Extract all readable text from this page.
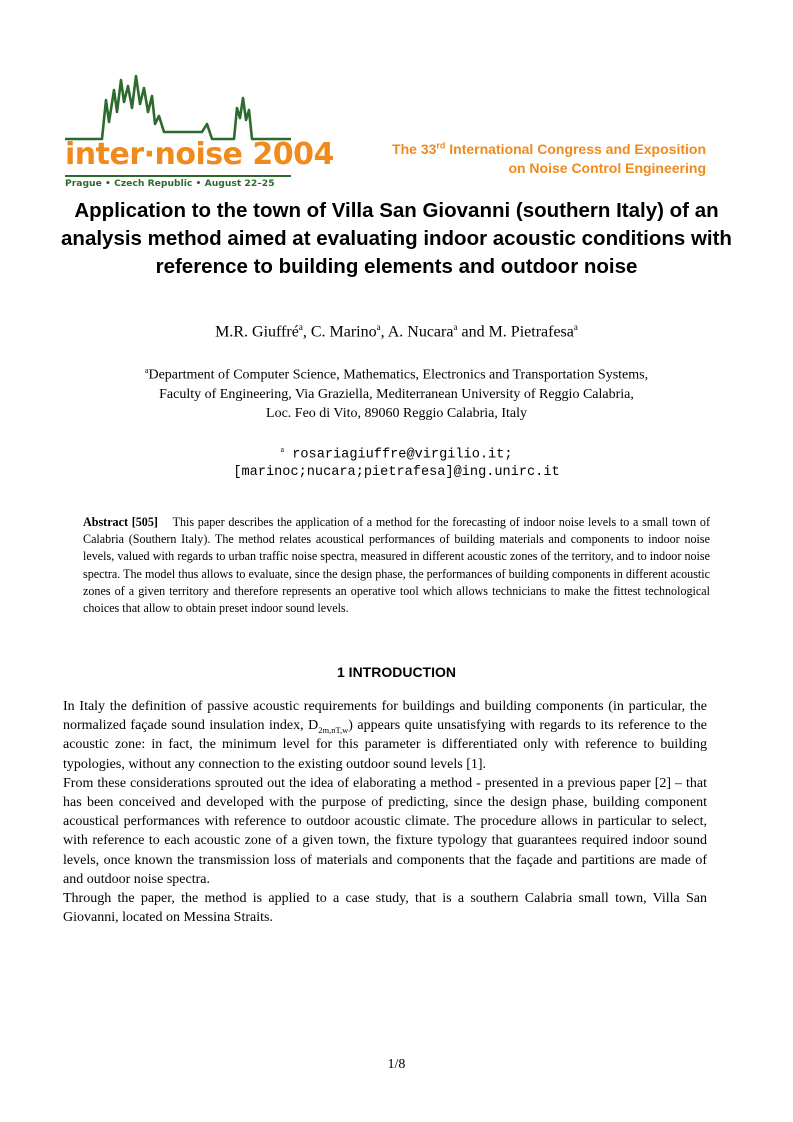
inter·noise 2004
Prague • Czech Republic • August 22–25
The 33rd International Congress and Exposition
on Noise Control Engineering
Application to the town of Villa San Giovanni (southern Italy) of an analysis method aimed at evaluating indoor acoustic conditions with reference to building elements and outdoor noise
M.R. Giuffré$^a$, C. Marino$^a$, A. Nucara$^a$ and M. Pietrafesa$^a$
$^a$Department of Computer Science, Mathematics, Electronics and Transportation Systems,
Faculty of Engineering, Via Graziella, Mediterranean University of Reggio Calabria,
Loc. Feo di Vito, 89060 Reggio Calabria, Italy
$^a$ rosariagiuffre@virgilio.it;
[marinoc;nucara;pietrafesa]@ing.unirc.it
Abstract [505] This paper describes the application of a method for the forecasting of indoor noise levels to a small town of Calabria (Southern Italy). The method relates acoustical performances of building materials and components to indoor noise levels, valued with regards to urban traffic noise spectra, measured in different acoustic zones of the territory, and to indoor noise spectra. The model thus allows to evaluate, since the design phase, the performances of building components in different acoustic zones of a given territory and therefore represents an operative tool which allows technicians to make the fittest technological choices that allow to obtain preset indoor sound levels.
1 INTRODUCTION

In Italy the definition of passive acoustic requirements for buildings and building components (in particular, the normalized façade sound insulation index, $D_{2m,nT,w}$) appears quite unsatisfying with regards to its reference to the acoustic zone: in fact, the minimum level for this parameter is differentiated only with reference to building typologies, without any connection to the existing outdoor sound levels [1].

From these considerations sprouted out the idea of elaborating a method - presented in a previous paper [2] – that has been conceived and developed with the purpose of predicting, since the design phase, building component acoustical performances with reference to outdoor acoustic climate. The procedure allows in particular to select, with reference to each acoustic zone of a given town, the fixture typology that guarantees required indoor sound levels, once known the transmission loss of materials and components that the façade and partitions are made of and outdoor noise spectra.

Through the paper, the method is applied to a case study, that is a southern Calabria small town, Villa San Giovanni, located on Messina Straits.

1/8
